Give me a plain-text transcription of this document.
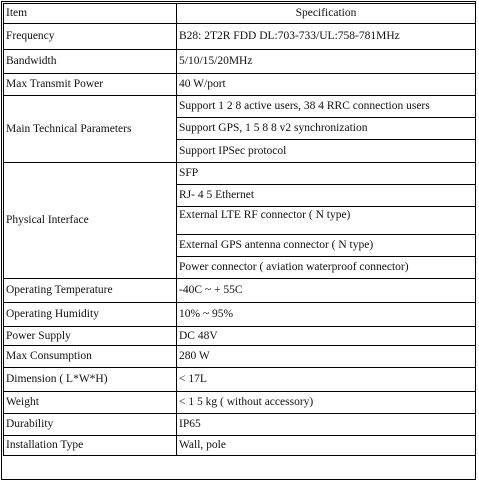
Item	Specification
Frequency	B28: 2T2R FDD DL:703-733/UL:758-781MHz
Bandwidth	5/10/15/20MHz
Max Transmit Power	40 W/port
Main Technical Parameters	Support 1 2 8 active users, 38 4 RRC connection users
	Support GPS, 1 5 8 8 v2 synchronization
	Support IPSec protocol
Physical Interface	SFP
	RJ- 4 5 Ethernet
	External LTE RF connector ( N type)
	External GPS antenna connector ( N type)
	Power connector ( aviation waterproof connector)
Operating Temperature	-40C ~ + 55C
Operating Humidity	10% ~ 95%
Power Supply	DC 48V
Max Consumption	280 W
Dimension ( L*W*H)	< 17L
Weight	< 1 5 kg ( without accessory)
Durability	IP65
Installation Type	Wall, pole
